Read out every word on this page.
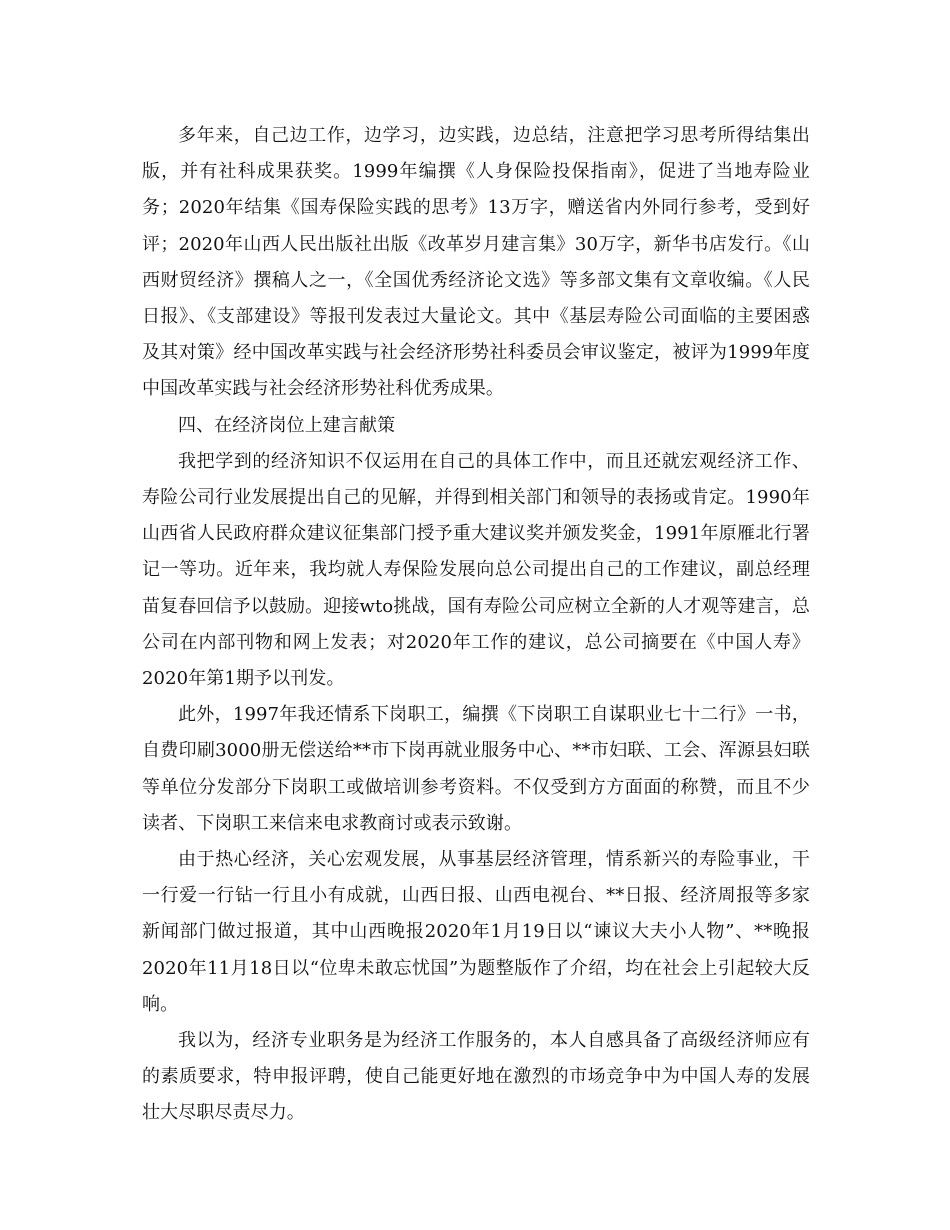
多年来，自己边工作，边学习，边实践，边总结，注意把学习思考所得结集出版，并有社科成果获奖。1999年编撰《人身保险投保指南》，促进了当地寿险业务；2020年结集《国寿保险实践的思考》13万字，赠送省内外同行参考，受到好评；2020年山西人民出版社出版《改革岁月建言集》30万字，新华书店发行。《山西财贸经济》撰稿人之一，《全国优秀经济论文选》等多部文集有文章收编。《人民日报》、《支部建设》等报刊发表过大量论文。其中《基层寿险公司面临的主要困惑及其对策》经中国改革实践与社会经济形势社科委员会审议鉴定，被评为1999年度中国改革实践与社会经济形势社科优秀成果。

四、在经济岗位上建言献策

我把学到的经济知识不仅运用在自己的具体工作中，而且还就宏观经济工作、寿险公司行业发展提出自己的见解，并得到相关部门和领导的表扬或肯定。1990年山西省人民政府群众建议征集部门授予重大建议奖并颁发奖金，1991年原雁北行署记一等功。近年来，我均就人寿保险发展向总公司提出自己的工作建议，副总经理苗复春回信予以鼓励。迎接wto挑战，国有寿险公司应树立全新的人才观等建言，总公司在内部刊物和网上发表；对2020年工作的建议，总公司摘要在《中国人寿》2020年第1期予以刊发。

此外，1997年我还情系下岗职工，编撰《下岗职工自谋职业七十二行》一书，自费印刷3000册无偿送给**市下岗再就业服务中心、**市妇联、工会、浑源县妇联等单位分发部分下岗职工或做培训参考资料。不仅受到方方面面的称赞，而且不少读者、下岗职工来信来电求教商讨或表示致谢。

由于热心经济，关心宏观发展，从事基层经济管理，情系新兴的寿险事业，干一行爱一行钻一行且小有成就，山西日报、山西电视台、**日报、经济周报等多家新闻部门做过报道，其中山西晚报2020年1月19日以“谏议大夫小人物”、**晚报2020年11月18日以“位卑未敢忘忧国”为题整版作了介绍，均在社会上引起较大反响。

我以为，经济专业职务是为经济工作服务的，本人自感具备了高级经济师应有的素质要求，特申报评聘，使自己能更好地在激烈的市场竞争中为中国人寿的发展壮大尽职尽责尽力。
